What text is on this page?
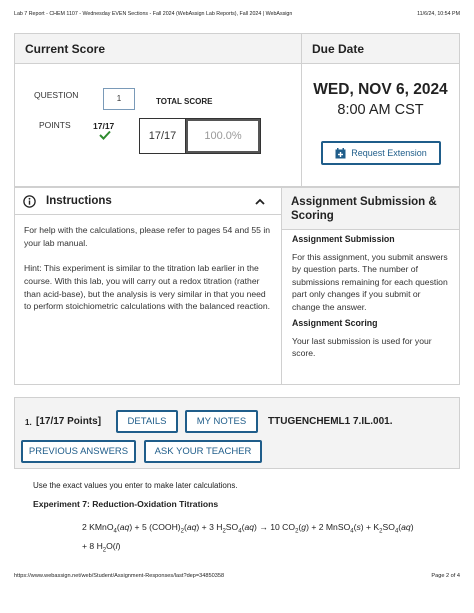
Lab 7 Report - CHEM 1107 - Wednesday EVEN Sections - Fall 2024 (WebAssign Lab Reports), Fall 2024 | WebAssign	11/6/24, 10:54 PM
Current Score
QUESTION	1
POINTS	17/17
TOTAL SCORE
17/17	100.0%
Due Date
WED, NOV 6, 2024
8:00 AM CST
Request Extension
Instructions

For help with the calculations, please refer to pages 54 and 55 in your lab manual.

Hint: This experiment is similar to the titration lab earlier in the course. With this lab, you will carry out a redox titration (rather than acid-base), but the analysis is very similar in that you need to perform stoichiometric calculations with the balanced reaction.

Assignment Submission & Scoring
Assignment Submission

For this assignment, you submit answers by question parts. The number of submissions remaining for each question part only changes if you submit or change the answer.

Assignment Scoring

Your last submission is used for your score.

1. [17/17 Points]	DETAILS	MY NOTES	TTUGENCHEML1 7.IL.001.
PREVIOUS ANSWERS	ASK YOUR TEACHER
Use the exact values you enter to make later calculations.
Experiment 7: Reduction-Oxidation Titrations
2 KMnO$_4$(aq) + 5 $(COOH)_2(aq) + 3$ $H_2SO_4(aq) \to 10$ $CO_2(g) + 2$ MnSO$_4$(s) + $K_2SO_4(aq)$
+ 8 $H_2O(l)$
https://www.webassign.net/web/Student/Assignment-Responses/last?dep=34850358	Page 2 of 4
